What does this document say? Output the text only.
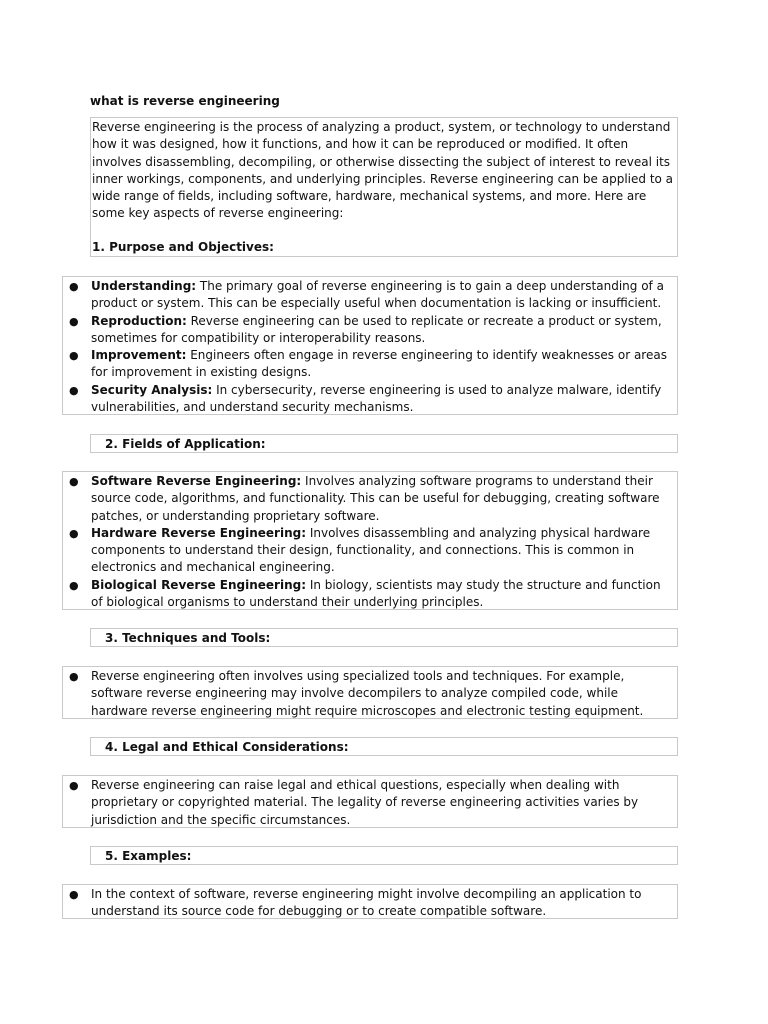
what is reverse engineering

Reverse engineering is the process of analyzing a product, system, or technology to understand how it was designed, how it functions, and how it can be reproduced or modified. It often involves disassembling, decompiling, or otherwise dissecting the subject of interest to reveal its inner workings, components, and underlying principles. Reverse engineering can be applied to a wide range of fields, including software, hardware, mechanical systems, and more. Here are some key aspects of reverse engineering:

1. Purpose and Objectives:
● Understanding: The primary goal of reverse engineering is to gain a deep understanding of a product or system. This can be especially useful when documentation is lacking or insufficient.
● Reproduction: Reverse engineering can be used to replicate or recreate a product or system, sometimes for compatibility or interoperability reasons.
● Improvement: Engineers often engage in reverse engineering to identify weaknesses or areas for improvement in existing designs.
● Security Analysis: In cybersecurity, reverse engineering is used to analyze malware, identify vulnerabilities, and understand security mechanisms.
2. Fields of Application:
● Software Reverse Engineering: Involves analyzing software programs to understand their source code, algorithms, and functionality. This can be useful for debugging, creating software patches, or understanding proprietary software.
● Hardware Reverse Engineering: Involves disassembling and analyzing physical hardware components to understand their design, functionality, and connections. This is common in electronics and mechanical engineering.
● Biological Reverse Engineering: In biology, scientists may study the structure and function of biological organisms to understand their underlying principles.
3. Techniques and Tools:
● Reverse engineering often involves using specialized tools and techniques. For example, software reverse engineering may involve decompilers to analyze compiled code, while hardware reverse engineering might require microscopes and electronic testing equipment.
4. Legal and Ethical Considerations:
● Reverse engineering can raise legal and ethical questions, especially when dealing with proprietary or copyrighted material. The legality of reverse engineering activities varies by jurisdiction and the specific circumstances.
5. Examples:
● In the context of software, reverse engineering might involve decompiling an application to understand its source code for debugging or to create compatible software.
